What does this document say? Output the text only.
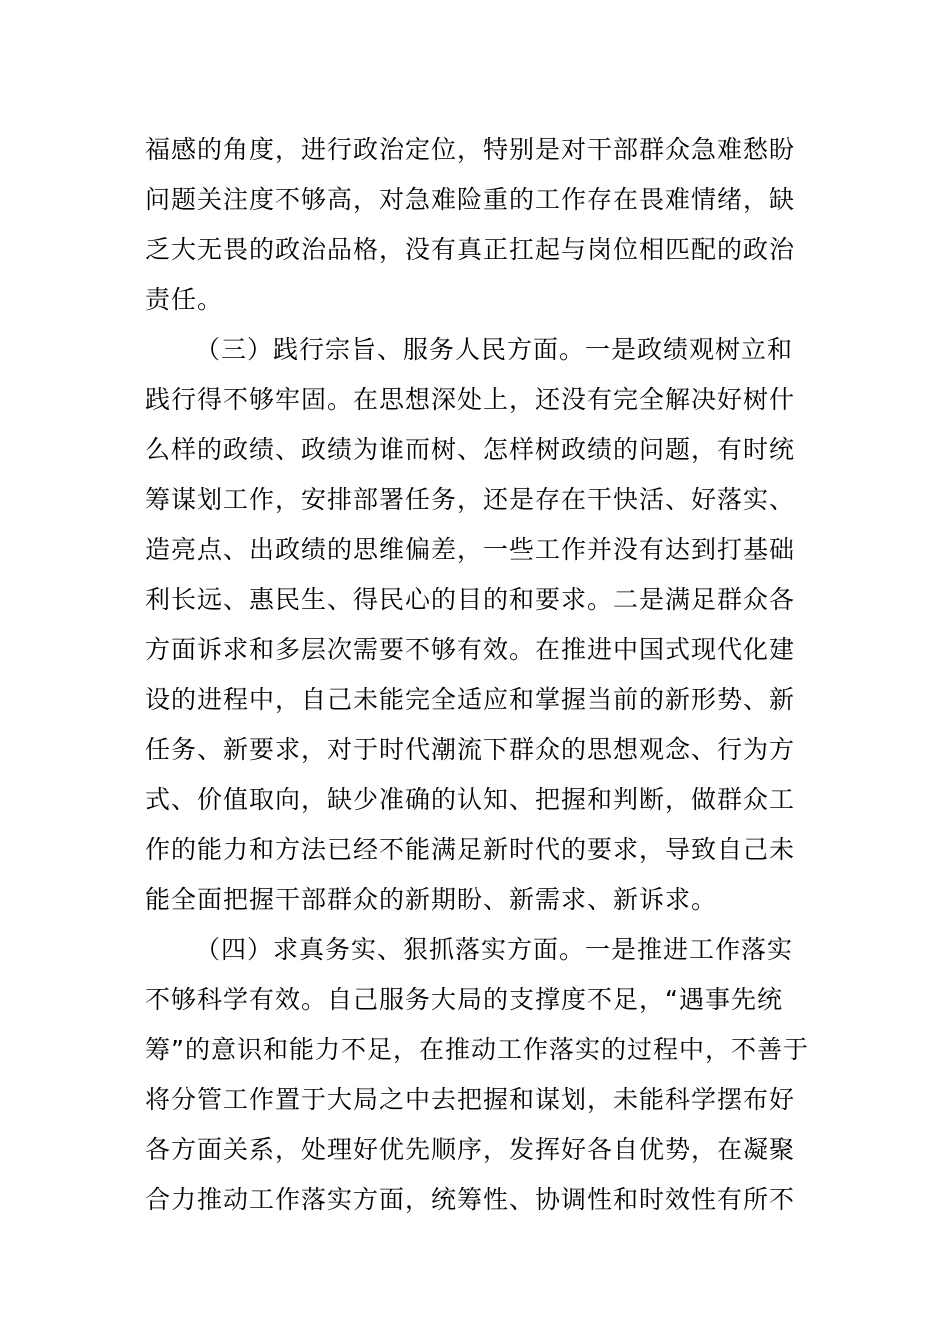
福感的角度，进行政治定位，特别是对干部群众急难愁盼
问题关注度不够高，对急难险重的工作存在畏难情绪，缺
乏大无畏的政治品格，没有真正扛起与岗位相匹配的政治
责任。
（三）践行宗旨、服务人民方面。一是政绩观树立和
践行得不够牢固。在思想深处上，还没有完全解决好树什
么样的政绩、政绩为谁而树、怎样树政绩的问题，有时统
筹谋划工作，安排部署任务，还是存在干快活、好落实、
造亮点、出政绩的思维偏差，一些工作并没有达到打基础
利长远、惠民生、得民心的目的和要求。二是满足群众各
方面诉求和多层次需要不够有效。在推进中国式现代化建
设的进程中，自己未能完全适应和掌握当前的新形势、新
任务、新要求，对于时代潮流下群众的思想观念、行为方
式、价值取向，缺少准确的认知、把握和判断，做群众工
作的能力和方法已经不能满足新时代的要求，导致自己未
能全面把握干部群众的新期盼、新需求、新诉求。
（四）求真务实、狠抓落实方面。一是推进工作落实
不够科学有效。自己服务大局的支撑度不足，“遇事先统
筹”的意识和能力不足，在推动工作落实的过程中，不善于
将分管工作置于大局之中去把握和谋划，未能科学摆布好
各方面关系，处理好优先顺序，发挥好各自优势，在凝聚
合力推动工作落实方面，统筹性、协调性和时效性有所不
